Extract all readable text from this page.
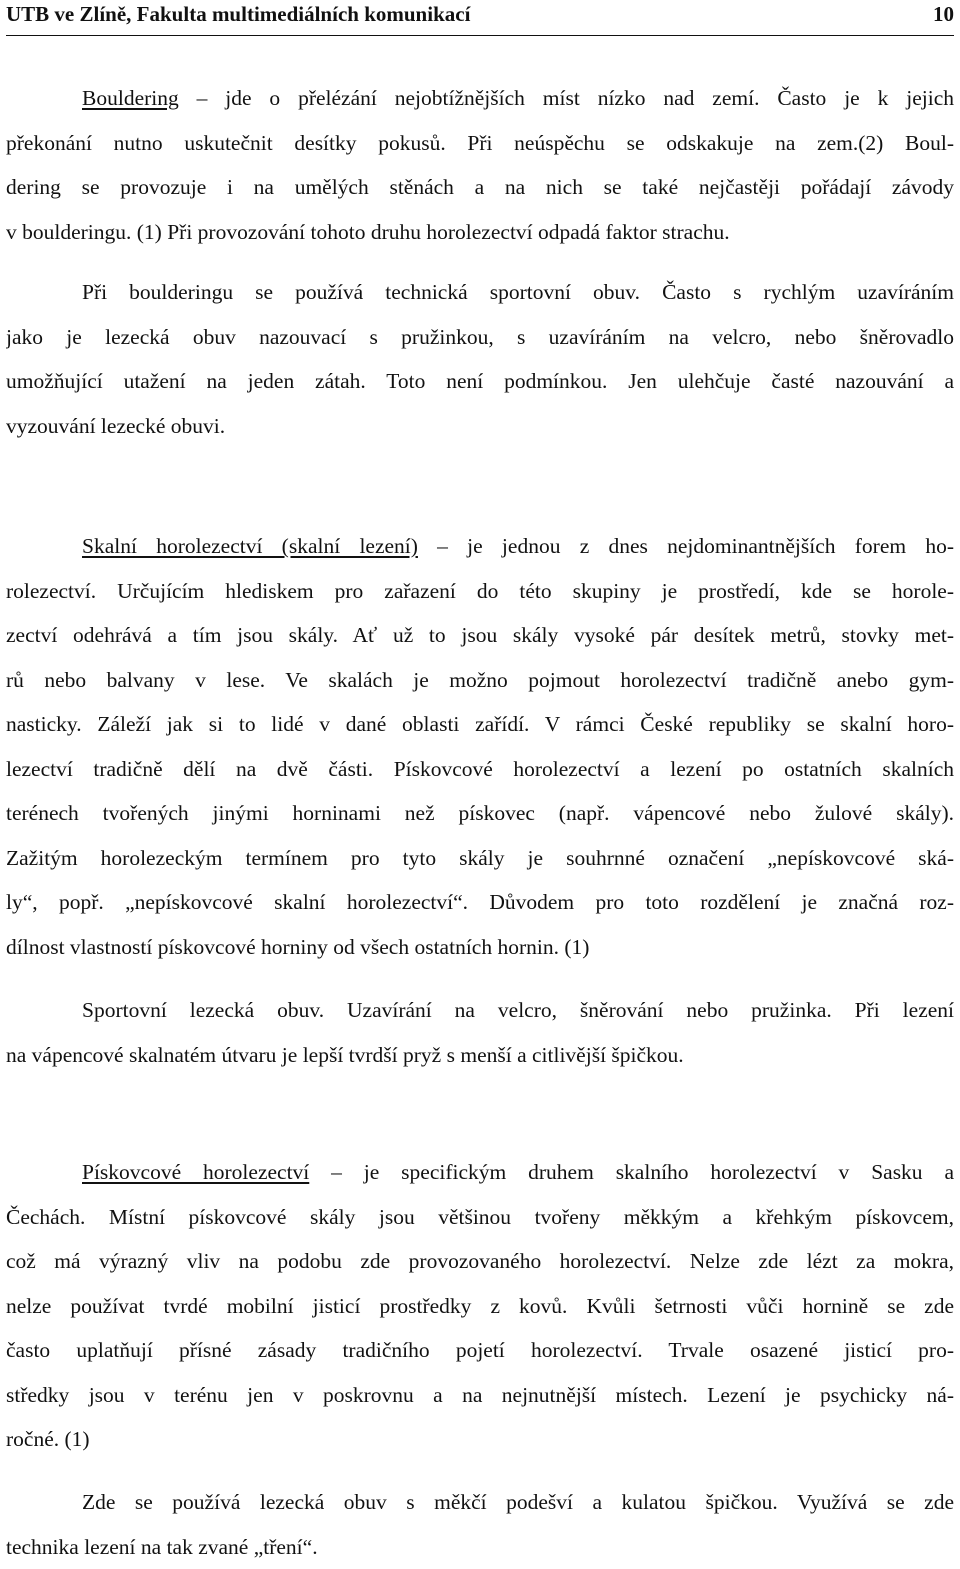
UTB ve Zlíně, Fakulta multimediálních komunikací	10
Bouldering – jde o přelézání nejobtížnějších míst nízko nad zemí. Často je k jejich
překonání nutno uskutečnit desítky pokusů. Při neúspěchu se odskakuje na zem.(2) Boul-
dering se provozuje i na umělých stěnách a na nich se také nejčastěji pořádají závody
v boulderingu. (1) Při provozování tohoto druhu horolezectví odpadá faktor strachu.
Při boulderingu se používá technická sportovní obuv. Často s rychlým uzavíráním
jako je lezecká obuv nazouvací s pružinkou, s uzavíráním na velcro, nebo šněrovadlo
umožňující utažení na jeden zátah. Toto není podmínkou. Jen ulehčuje časté nazouvání a
vyzouvání lezecké obuvi.
Skalní horolezectví (skalní lezení) – je jednou z dnes nejdominantnějších forem ho-
rolezectví. Určujícím hlediskem pro zařazení do této skupiny je prostředí, kde se horole-
zectví odehrává a tím jsou skály. Ať už to jsou skály vysoké pár desítek metrů, stovky met-
rů nebo balvany v lese. Ve skalách je možno pojmout horolezectví tradičně anebo gym-
nasticky. Záleží jak si to lidé v dané oblasti zařídí. V rámci České republiky se skalní horo-
lezectví tradičně dělí na dvě části. Pískovcové horolezectví a lezení po ostatních skalních
terénech tvořených jinými horninami než pískovec (např. vápencové nebo žulové skály).
Zažitým horolezeckým termínem pro tyto skály je souhrnné označení „nepískovcové ská-
ly“, popř. „nepískovcové skalní horolezectví“. Důvodem pro toto rozdělení je značná roz-
dílnost vlastností pískovcové horniny od všech ostatních hornin. (1)
Sportovní lezecká obuv. Uzavírání na velcro, šněrování nebo pružinka. Při lezení
na vápencové skalnatém útvaru je lepší tvrdší pryž s menší a citlivější špičkou.
Pískovcové horolezectví – je specifickým druhem skalního horolezectví v Sasku a
Čechách. Místní pískovcové skály jsou většinou tvořeny měkkým a křehkým pískovcem,
což má výrazný vliv na podobu zde provozovaného horolezectví. Nelze zde lézt za mokra,
nelze používat tvrdé mobilní jisticí prostředky z kovů. Kvůli šetrnosti vůči hornině se zde
často uplatňují přísné zásady tradičního pojetí horolezectví. Trvale osazené jisticí pro-
středky jsou v terénu jen v poskrovnu a na nejnutnější místech. Lezení je psychicky ná-
ročné. (1)
Zde se používá lezecká obuv s měkčí podešví a kulatou špičkou. Využívá se zde
technika lezení na tak zvané „tření“.
